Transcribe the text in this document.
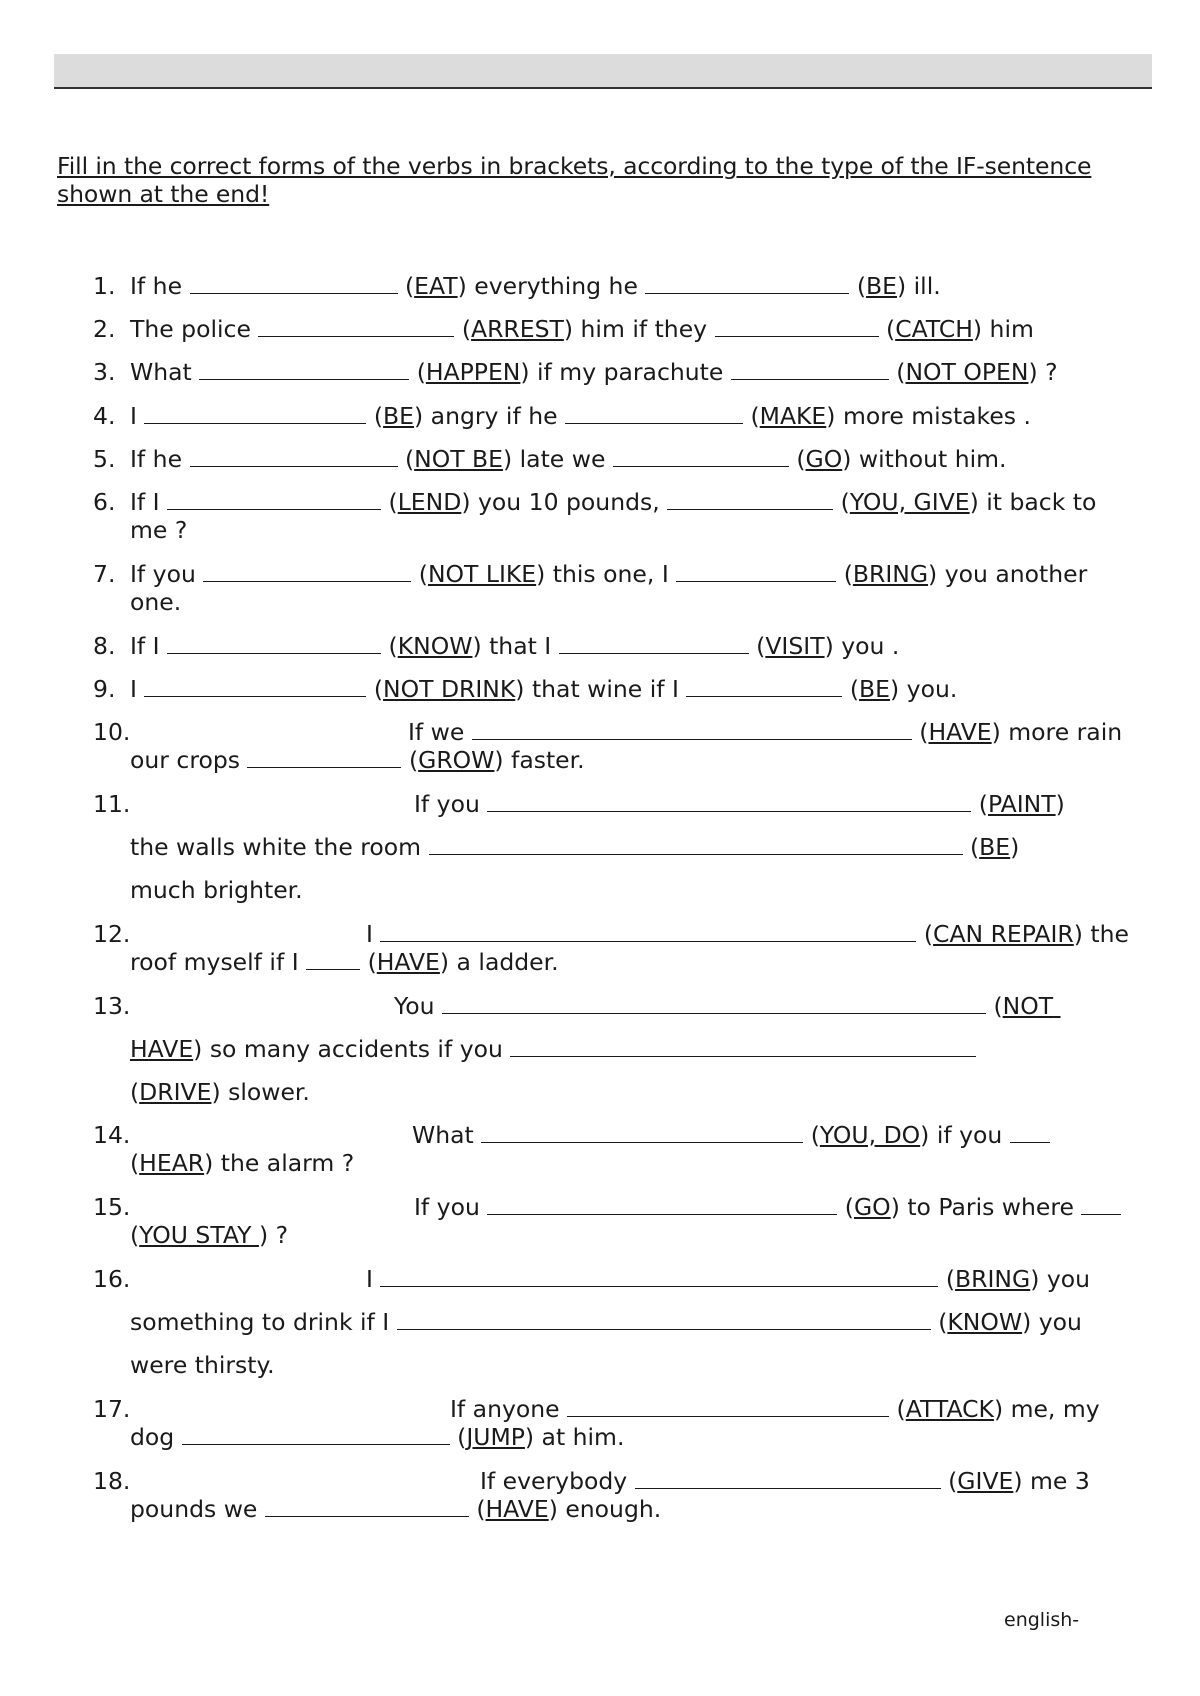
Fill in the correct forms of the verbs in brackets, according to the type of the IF-sentence shown at the end!
1. If he	(EAT) everything he	(BE) ill.
2. The police	(ARREST) him if they	(CATCH) him
3. What	(HAPPEN) if my parachute	(NOT OPEN) ?
4. I	(BE) angry if he	(MAKE) more mistakes .
5. If he	(NOT BE) late we	(GO) without him.
6. If I	(LEND) you 10 pounds,	(YOU, GIVE) it back to
me ?
7. If you	(NOT LIKE) this one, I	(BRING) you another
one.
8. If I	(KNOW) that I	(VISIT) you .
9. I	(NOT DRINK) that wine if I	(BE) you.
10.	If we	(HAVE) more rain
our crops	(GROW) faster.
11.	If you	(PAINT)
the walls white the room	(BE)
much brighter.
12.	I	(CAN REPAIR) the
roof myself if I  (HAVE) a ladder.
13.	You	(NOT
HAVE) so many accidents if you
(DRIVE) slower.
14.	What	(YOU, DO) if you
(HEAR) the alarm ?
15.	If you	(GO) to Paris where
(YOU STAY ) ?
16.	I	(BRING) you
something to drink if I	(KNOW) you
were thirsty.
17.	If anyone	(ATTACK) me, my
dog	(JUMP) at him.
18.	If everybody	(GIVE) me 3
pounds we	(HAVE) enough.
english-
